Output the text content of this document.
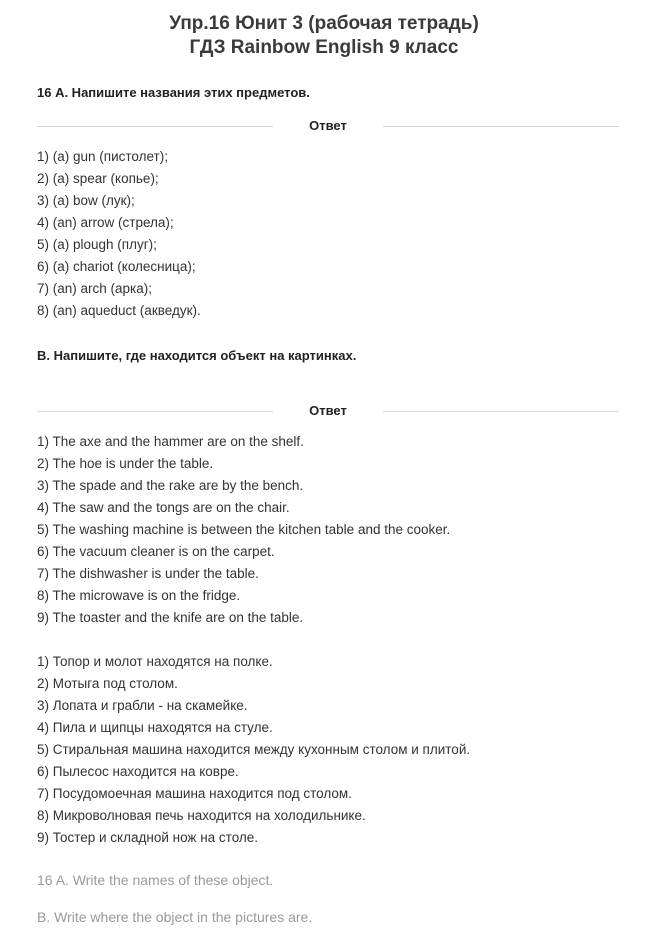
Упр.16 Юнит 3 (рабочая тетрадь)
ГДЗ Rainbow English 9 класс
16 А. Напишите названия этих предметов.
Ответ
1) (a) gun (пистолет);
2) (a) spear (копье);
3) (a) bow (лук);
4) (an) arrow (стрела);
5) (a) plough (плуг);
6) (a) chariot (колесница);
7) (an) arch (арка);
8) (an) aqueduct (акведук).
В. Напишите, где находится объект на картинках.
Ответ
1) The axe and the hammer are on the shelf.
2) The hoe is under the table.
3) The spade and the rake are by the bench.
4) The saw and the tongs are on the chair.
5) The washing machine is between the kitchen table and the cooker.
6) The vacuum cleaner is on the carpet.
7) The dishwasher is under the table.
8) The microwave is on the fridge.
9) The toaster and the knife are on the table.
1) Топор и молот находятся на полке.
2) Мотыга под столом.
3) Лопата и грабли - на скамейке.
4) Пила и щипцы находятся на стуле.
5) Стиральная машина находится между кухонным столом и плитой.
6) Пылесос находится на ковре.
7) Посудомоечная машина находится под столом.
8) Микроволновая печь находится на холодильнике.
9) Тостер и складной нож на столе.
16 A. Write the names of these object.
B. Write where the object in the pictures are.
